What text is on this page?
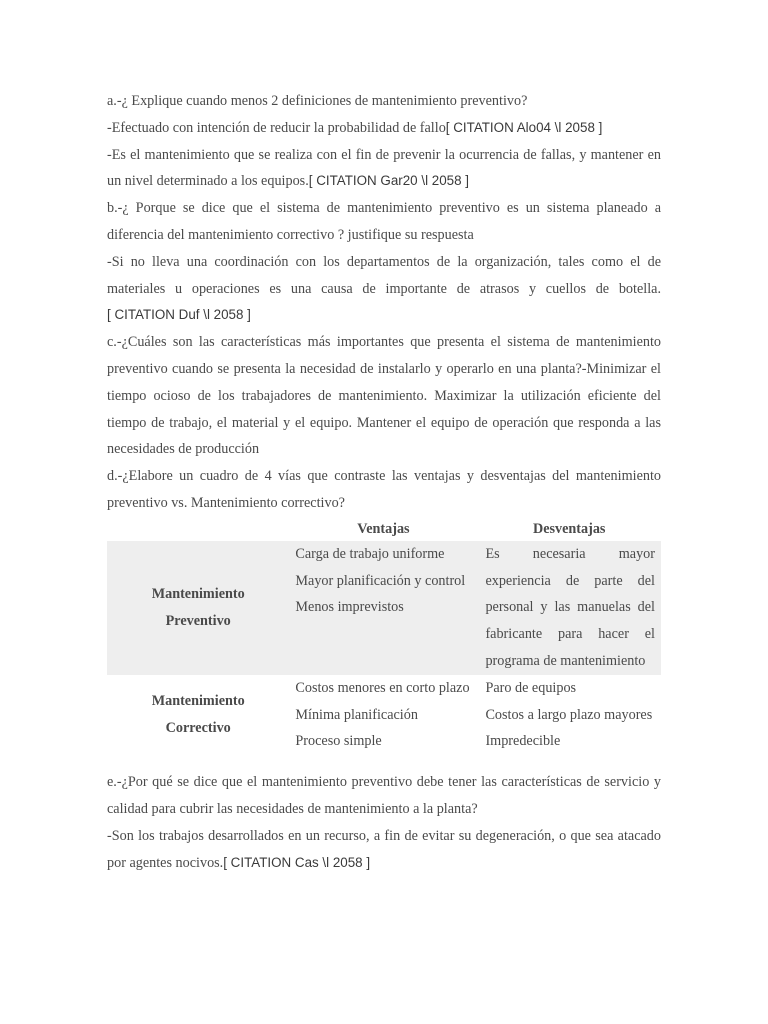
a.-¿ Explique cuando menos 2 definiciones de mantenimiento preventivo?

-Efectuado con intención de reducir la probabilidad de fallo[ CITATION Alo04 \l 2058 ]

-Es el mantenimiento que se realiza con el fin de prevenir la ocurrencia de fallas, y mantener en un nivel determinado a los equipos.[ CITATION Gar20 \l 2058 ]

b.-¿ Porque se dice que el sistema de mantenimiento preventivo es un sistema planeado a diferencia del mantenimiento correctivo ? justifique su respuesta

-Si no lleva una coordinación con los departamentos de la organización, tales como el de materiales u operaciones es una causa de importante de atrasos y cuellos de botella. [ CITATION Duf \l 2058 ]

c.-¿Cuáles son las características más importantes que presenta el sistema de mantenimiento preventivo cuando se presenta la necesidad de instalarlo y operarlo en una planta?-Minimizar el tiempo ocioso de los trabajadores de mantenimiento. Maximizar la utilización eficiente del tiempo de trabajo, el material y el equipo. Mantener el equipo de operación que responda a las necesidades de producción

d.-¿Elabore un cuadro de 4 vías que contraste las ventajas y desventajas del mantenimiento preventivo vs. Mantenimiento correctivo?

	Ventajas	Desventajas

Mantenimiento
Preventivo	Carga de trabajo uniforme
Mayor planificación y control
Menos imprevistos	Es necesaria mayor experiencia de parte del personal y las manuelas del fabricante para hacer el programa de mantenimiento

Mantenimiento
Correctivo	Costos menores en corto plazo
Mínima planificación
Proceso simple	Paro de equipos
Costos a largo plazo mayores
Impredecible

e.-¿Por qué se dice que el mantenimiento preventivo debe tener las características de servicio y calidad para cubrir las necesidades de mantenimiento a la planta?

-Son los trabajos desarrollados en un recurso, a fin de evitar su degeneración, o que sea atacado por agentes nocivos.[ CITATION Cas \l 2058 ]
